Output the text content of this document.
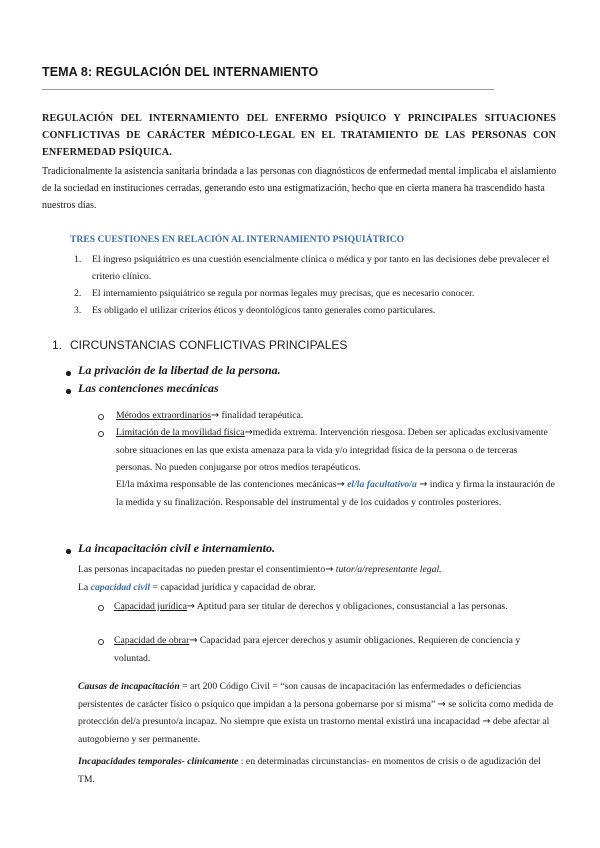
TEMA 8: REGULACIÓN DEL INTERNAMIENTO
REGULACIÓN DEL INTERNAMIENTO DEL ENFERMO PSÍQUICO Y PRINCIPALES SITUACIONES CONFLICTIVAS DE CARÁCTER MÉDICO-LEGAL EN EL TRATAMIENTO DE LAS PERSONAS CON ENFERMEDAD PSÍQUICA.
Tradicionalmente la asistencia sanitaria brindada a las personas con diagnósticos de enfermedad mental implicaba el aislamiento de la sociedad en instituciones cerradas, generando esto una estigmatización, hecho que en cierta manera ha trascendido hasta nuestros días.
TRES CUESTIONES EN RELACIÓN AL INTERNAMIENTO PSIQUIÁTRICO
1. El ingreso psiquiátrico es una cuestión esencialmente clínica o médica y por tanto en las decisiones debe prevalecer el criterio clínico.
2. El internamiento psiquiátrico se regula por normas legales muy precisas, que es necesario conocer.
3. Es obligado el utilizar criterios éticos y deontológicos tanto generales como particulares.
1. CIRCUNSTANCIAS CONFLICTIVAS PRINCIPALES
La privación de la libertad de la persona.
Las contenciones mecánicas
Métodos extraordinarios→ finalidad terapéutica.
Limitación de la movilidad física→medida extrema. Intervención riesgosa. Deben ser aplicadas exclusivamente sobre situaciones en las que exista amenaza para la vida y/o integridad física de la persona o de terceras personas. No pueden conjugarse por otros medios terapéuticos.
El/la máxima responsable de las contenciones mecánicas→ el/la facultativo/a → indica y firma la instauración de la medida y su finalización. Responsable del instrumental y de los cuidados y controles posteriores.
La incapacitación civil e internamiento.
Las personas incapacitadas no pueden prestar el consentimiento→ tutor/a/representante legal.
La capacidad civil = capacidad jurídica y capacidad de obrar.
Capacidad jurídica→ Aptitud para ser titular de derechos y obligaciones, consustancial a las personas.
Capacidad de obrar→ Capacidad para ejercer derechos y asumir obligaciones. Requieren de conciencia y voluntad.
Causas de incapacitación = art 200 Código Civil = “son causas de incapacitación las enfermedades o deficiencias persistentes de carácter físico o psíquico que impidan a la persona gobernarse por sí misma” → se solicita como medida de protección del/a presunto/a incapaz. No siempre que exista un trastorno mental existirá una incapacidad → debe afectar al autogobierno y ser permanente.
Incapacidades temporales- clínicamente : en determinadas circunstancias- en momentos de crisis o de agudización del TM.
